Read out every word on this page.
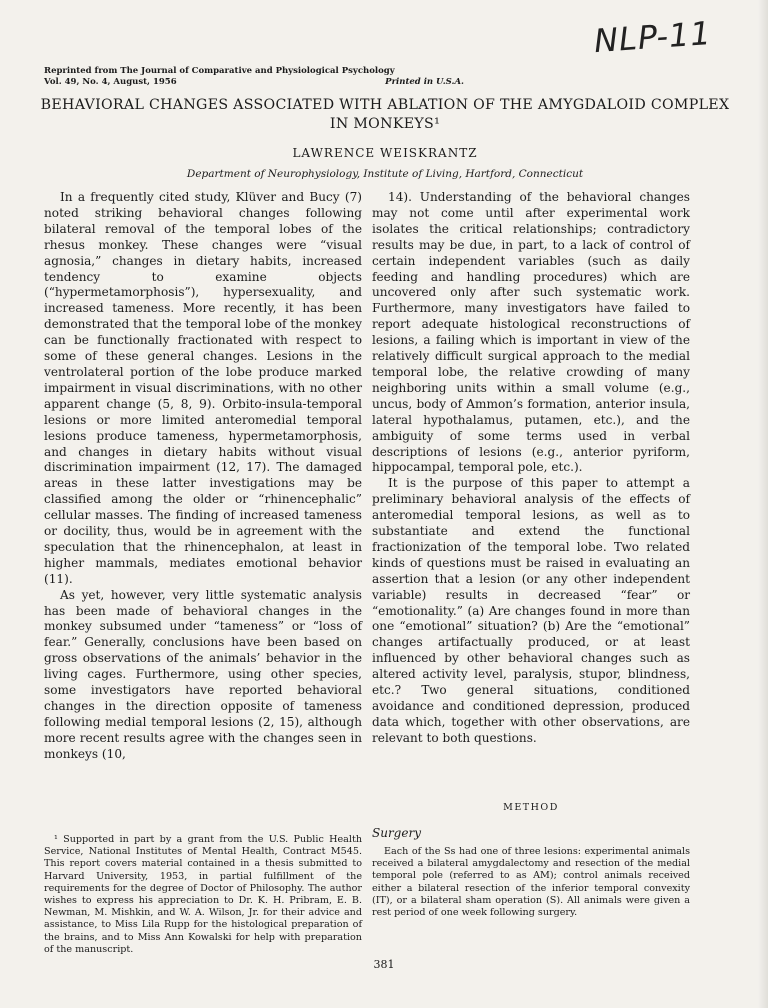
NLP-11
Reprinted from The Journal of Comparative and Physiological Psychology
Vol. 49, No. 4, August, 1956	Printed in U.S.A.
BEHAVIORAL CHANGES ASSOCIATED WITH ABLATION OF THE AMYGDALOID COMPLEX IN MONKEYS¹
LAWRENCE WEISKRANTZ
Department of Neurophysiology, Institute of Living, Hartford, Connecticut

In a frequently cited study, Klüver and Bucy (7) noted striking behavioral changes following bilateral removal of the temporal lobes of the rhesus monkey. These changes were “visual agnosia,” changes in dietary habits, increased tendency to examine objects (“hypermetamorphosis”), hypersexuality, and increased tameness. More recently, it has been demonstrated that the temporal lobe of the monkey can be functionally fractionated with respect to some of these general changes. Lesions in the ventrolateral portion of the lobe produce marked impairment in visual discriminations, with no other apparent change (5, 8, 9). Orbito-insula-temporal lesions or more limited anteromedial temporal lesions produce tameness, hypermetamorphosis, and changes in dietary habits without visual discrimination impairment (12, 17). The damaged areas in these latter investigations may be classified among the older or “rhinencephalic” cellular masses. The finding of increased tameness or docility, thus, would be in agreement with the speculation that the rhinencephalon, at least in higher mammals, mediates emotional behavior (11).

As yet, however, very little systematic analysis has been made of behavioral changes in the monkey subsumed under “tameness” or “loss of fear.” Generally, conclusions have been based on gross observations of the animals’ behavior in the living cages. Furthermore, using other species, some investigators have reported behavioral changes in the direction opposite of tameness following medial temporal lesions (2, 15), although more recent results agree with the changes seen in monkeys (10,

14). Understanding of the behavioral changes may not come until after experimental work isolates the critical relationships; contradictory results may be due, in part, to a lack of control of certain independent variables (such as daily feeding and handling procedures) which are uncovered only after such systematic work. Furthermore, many investigators have failed to report adequate histological reconstructions of lesions, a failing which is important in view of the relatively difficult surgical approach to the medial temporal lobe, the relative crowding of many neighboring units within a small volume (e.g., uncus, body of Ammon’s formation, anterior insula, lateral hypothalamus, putamen, etc.), and the ambiguity of some terms used in verbal descriptions of lesions (e.g., anterior pyriform, hippocampal, temporal pole, etc.).

It is the purpose of this paper to attempt a preliminary behavioral analysis of the effects of anteromedial temporal lesions, as well as to substantiate and extend the functional fractionization of the temporal lobe. Two related kinds of questions must be raised in evaluating an assertion that a lesion (or any other independent variable) results in decreased “fear” or “emotionality.” (a) Are changes found in more than one “emotional” situation? (b) Are the “emotional” changes artifactually produced, or at least influenced by other behavioral changes such as altered activity level, paralysis, stupor, blindness, etc.? Two general situations, conditioned avoidance and conditioned depression, produced data which, together with other observations, are relevant to both questions.

¹ Supported in part by a grant from the U.S. Public Health Service, National Institutes of Mental Health, Contract M545. This report covers material contained in a thesis submitted to Harvard University, 1953, in partial fulfillment of the requirements for the degree of Doctor of Philosophy. The author wishes to express his appreciation to Dr. K. H. Pribram, E. B. Newman, M. Mishkin, and W. A. Wilson, Jr. for their advice and assistance, to Miss Lila Rupp for the histological preparation of the brains, and to Miss Ann Kowalski for help with preparation of the manuscript.

METHOD
Surgery

Each of the Ss had one of three lesions: experimental animals received a bilateral amygdalectomy and resection of the medial temporal pole (referred to as AM); control animals received either a bilateral resection of the inferior temporal convexity (IT), or a bilateral sham operation (S). All animals were given a rest period of one week following surgery.

381
